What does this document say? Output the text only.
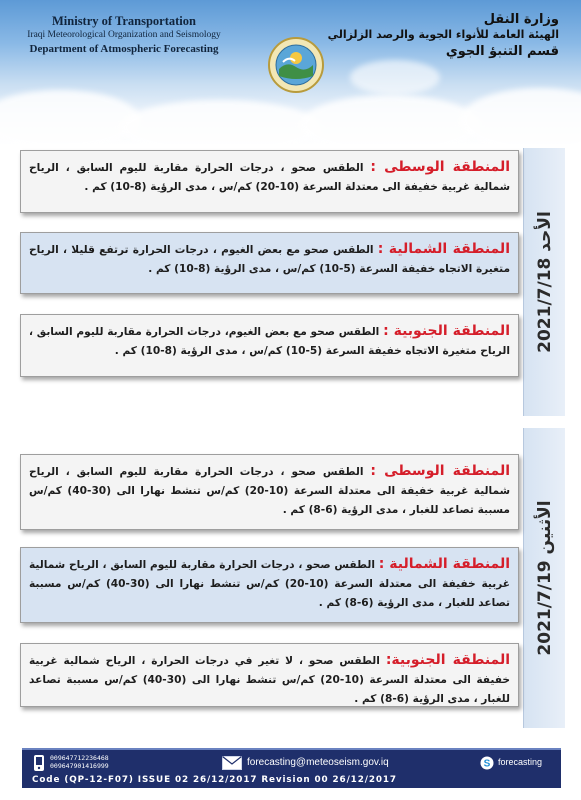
Ministry of Transportation
Iraqi Meteorological Organization and Seismology
Department of Atmospheric Forecasting
وزارة النقل
الهيئة العامة للأنواء الجوية والرصد الزلزالي
قسم التنبؤ الجوي
الأحد 2021/7/18
المنطقة الوسطى : الطقس صحو ، درجات الحرارة مقاربة لليوم السابق ، الرياح شمالية غربية خفيفة الى معتدلة السرعة (10-20) كم/س ، مدى الرؤية (8-10) كم .
المنطقة الشمالية : الطقس صحو مع بعض الغيوم ، درجات الحرارة ترتفع قليلا ، الرياح متغيرة الاتجاه خفيفة السرعة (5-10) كم/س ، مدى الرؤية (8-10) كم .
المنطقة الجنوبية : الطقس صحو مع بعض الغيوم، درجات الحرارة مقاربة لليوم السابق ، الرياح متغيرة الاتجاه خفيفة السرعة (5-10) كم/س ، مدى الرؤية (8-10) كم .
الأثنين 2021/7/19
المنطقة الوسطى : الطقس صحو ، درجات الحرارة مقاربة لليوم السابق ، الرياح شمالية غربية خفيفة الى معتدلة السرعة (10-20) كم/س تنشط نهارا الى (30-40) كم/س مسببة تصاعد للغبار ، مدى الرؤية (6-8) كم .
المنطقة الشمالية : الطقس صحو ، درجات الحرارة مقاربة لليوم السابق ، الرياح شمالية غربية خفيفة الى معتدلة السرعة (10-20) كم/س تنشط نهارا الى (30-40) كم/س مسببة تصاعد للغبار ، مدى الرؤية (6-8) كم .
المنطقة الجنوبية: الطقس صحو ، لا تغير في درجات الحرارة ، الرياح شمالية غربية خفيفة الى معتدلة السرعة (10-20) كم/س تنشط نهارا الى (30-40) كم/س مسببة تصاعد للغبار ، مدى الرؤية (6-8) كم .
009647712236468
009647901416999	forecasting@meteoseism.gov.iq	S forecasting
Code (QP-12-F07) ISSUE 02 26/12/2017 Revision 00 26/12/2017
